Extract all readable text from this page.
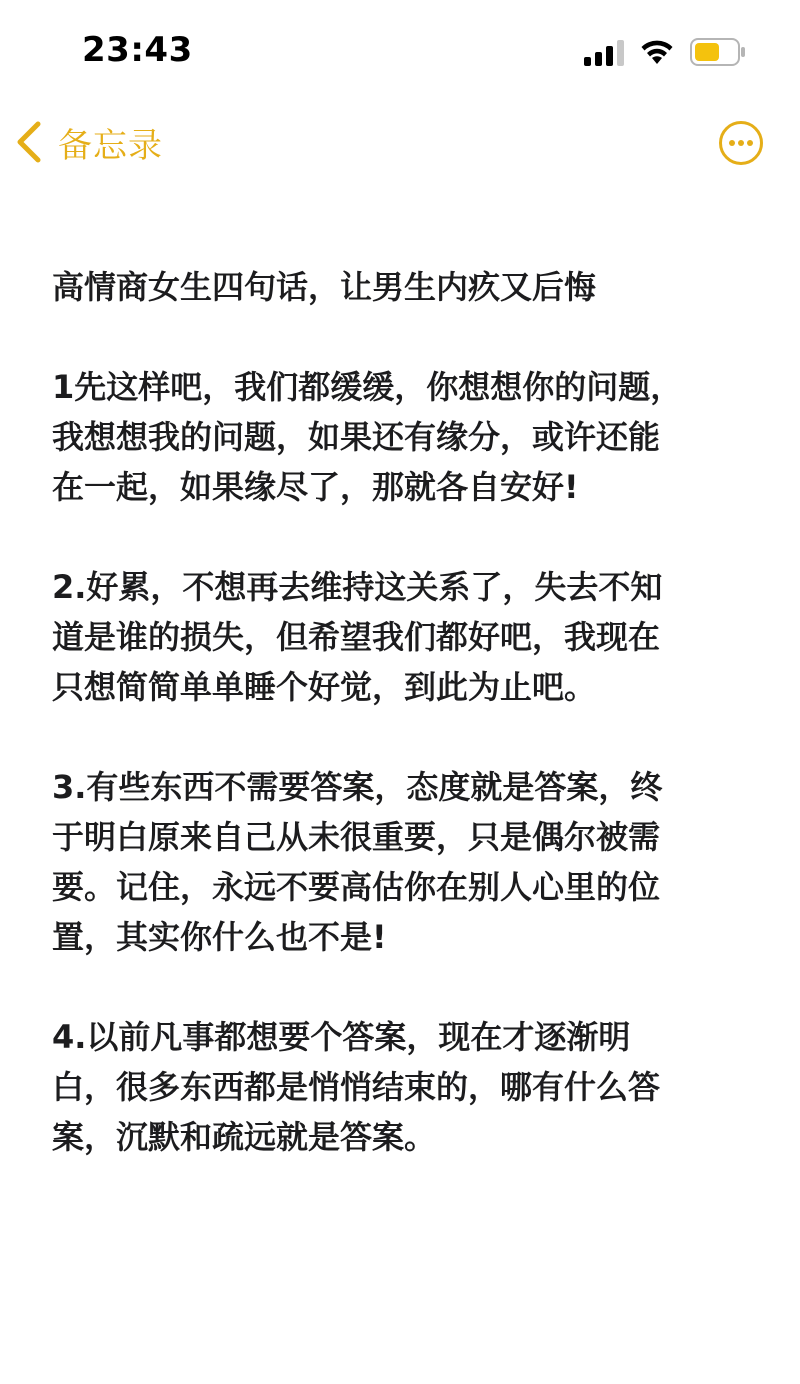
23:43
备忘录
高情商女生四句话，让男生内疚又后悔
1先这样吧，我们都缓缓，你想想你的问题，
我想想我的问题，如果还有缘分，或许还能
在一起，如果缘尽了，那就各自安好!
2.好累，不想再去维持这关系了，失去不知
道是谁的损失，但希望我们都好吧，我现在
只想简简单单睡个好觉，到此为止吧。
3.有些东西不需要答案，态度就是答案，终
于明白原来自己从未很重要，只是偶尔被需
要。记住，永远不要高估你在别人心里的位
置，其实你什么也不是!
4.以前凡事都想要个答案，现在才逐渐明
白，很多东西都是悄悄结束的，哪有什么答
案，沉默和疏远就是答案。
